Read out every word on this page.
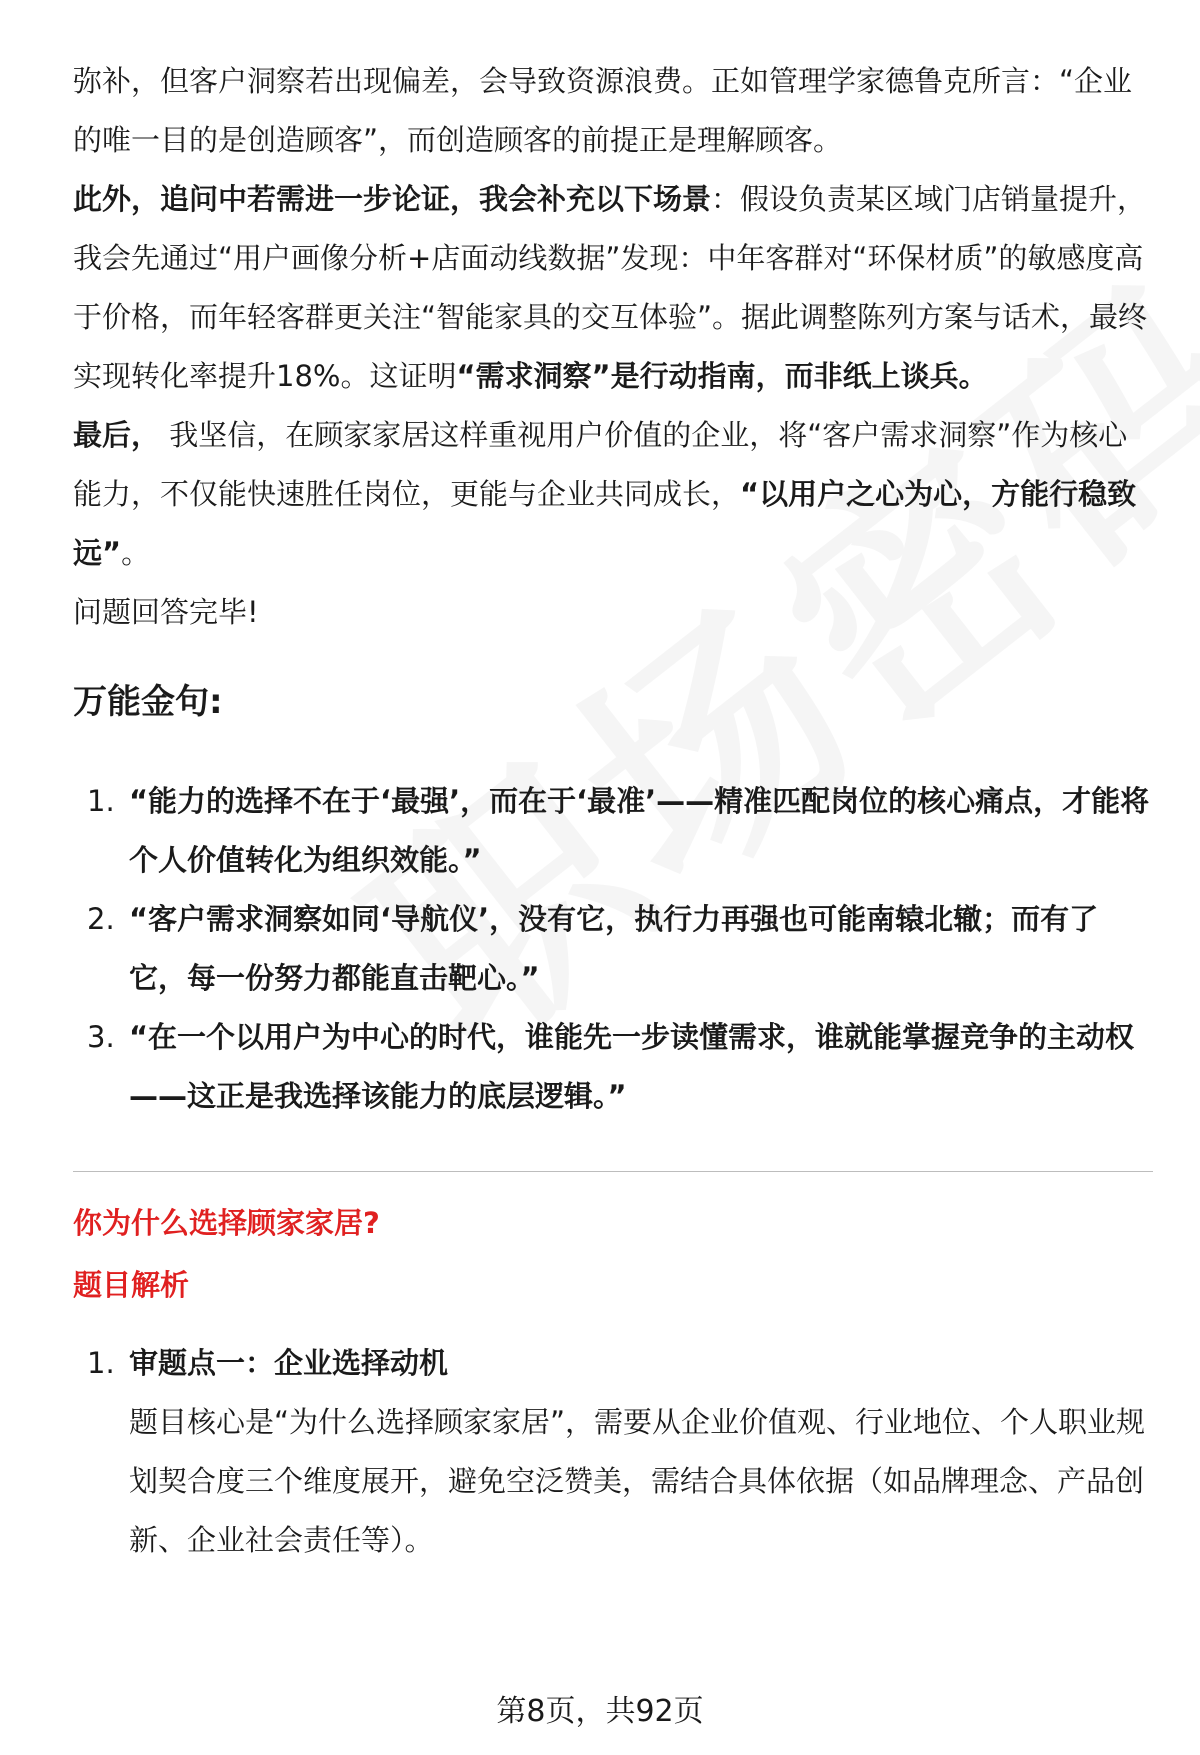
弥补，但客户洞察若出现偏差，会导致资源浪费。正如管理学家德鲁克所言：“企业的唯一目的是创造顾客”，而创造顾客的前提正是理解顾客。

此外，追问中若需进一步论证，我会补充以下场景：假设负责某区域门店销量提升，我会先通过“用户画像分析+店面动线数据”发现：中年客群对“环保材质”的敏感度高于价格，而年轻客群更关注“智能家具的交互体验”。据此调整陈列方案与话术，最终实现转化率提升18%。这证明“需求洞察”是行动指南，而非纸上谈兵。

最后， 我坚信，在顾家家居这样重视用户价值的企业，将“客户需求洞察”作为核心能力，不仅能快速胜任岗位，更能与企业共同成长，“以用户之心为心，方能行稳致远”。

问题回答完毕!

万能金句:
1. “能力的选择不在于‘最强’，而在于‘最准’——精准匹配岗位的核心痛点，才能将个人价值转化为组织效能。”
2. “客户需求洞察如同‘导航仪’，没有它，执行力再强也可能南辕北辙；而有了它，每一份努力都能直击靶心。”
3. “在一个以用户为中心的时代，谁能先一步读懂需求，谁就能掌握竞争的主动权——这正是我选择该能力的底层逻辑。”
你为什么选择顾家家居?
题目解析
1. 审题点一：企业选择动机
题目核心是“为什么选择顾家家居”，需要从企业价值观、行业地位、个人职业规划契合度三个维度展开，避免空泛赞美，需结合具体依据（如品牌理念、产品创新、企业社会责任等）。
第8页，共92页
